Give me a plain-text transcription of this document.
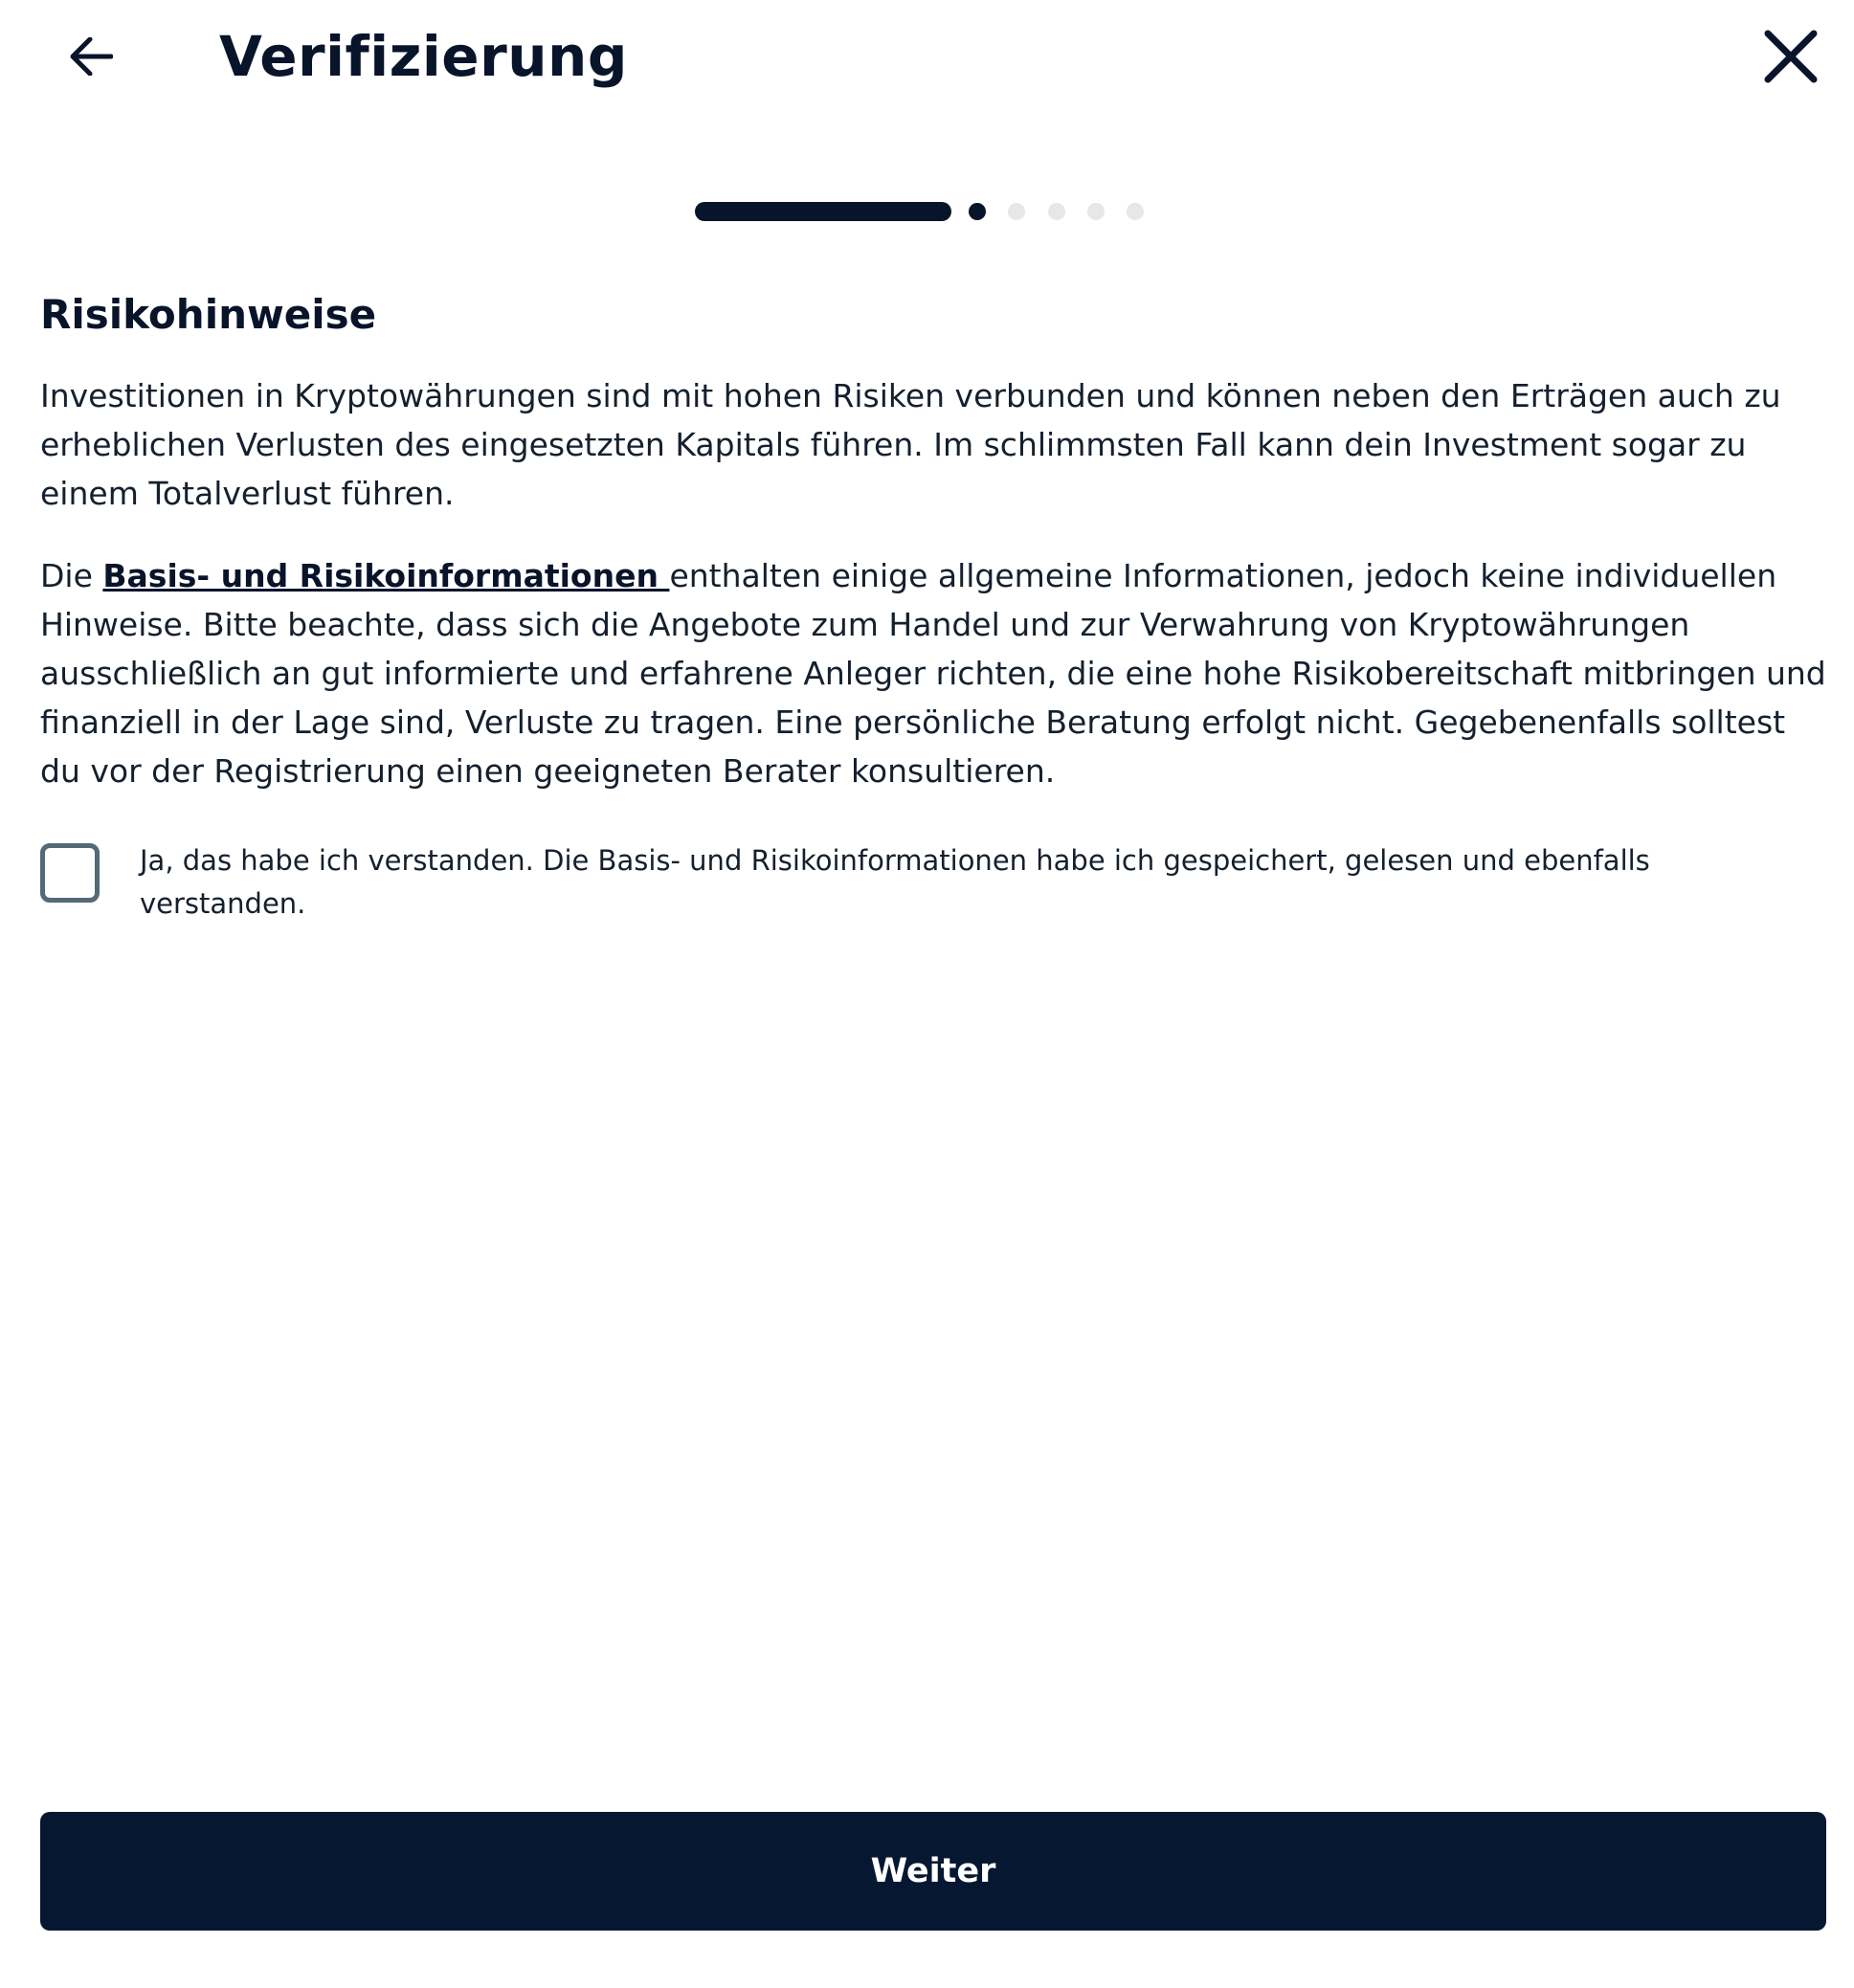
Verifizierung
Risikohinweise

Investitionen in Kryptowährungen sind mit hohen Risiken verbunden und können neben den Erträgen auch zu erheblichen Verlusten des eingesetzten Kapitals führen. Im schlimmsten Fall kann dein Investment sogar zu einem Totalverlust führen.

Die Basis- und Risikoinformationen enthalten einige allgemeine Informationen, jedoch keine individuellen Hinweise. Bitte beachte, dass sich die Angebote zum Handel und zur Verwahrung von Kryptowährungen ausschließlich an gut informierte und erfahrene Anleger richten, die eine hohe Risikobereitschaft mitbringen und finanziell in der Lage sind, Verluste zu tragen. Eine persönliche Beratung erfolgt nicht. Gegebenenfalls solltest du vor der Registrierung einen geeigneten Berater konsultieren.

Ja, das habe ich verstanden. Die Basis- und Risikoinformationen habe ich gespeichert, gelesen und ebenfalls verstanden.
Weiter
